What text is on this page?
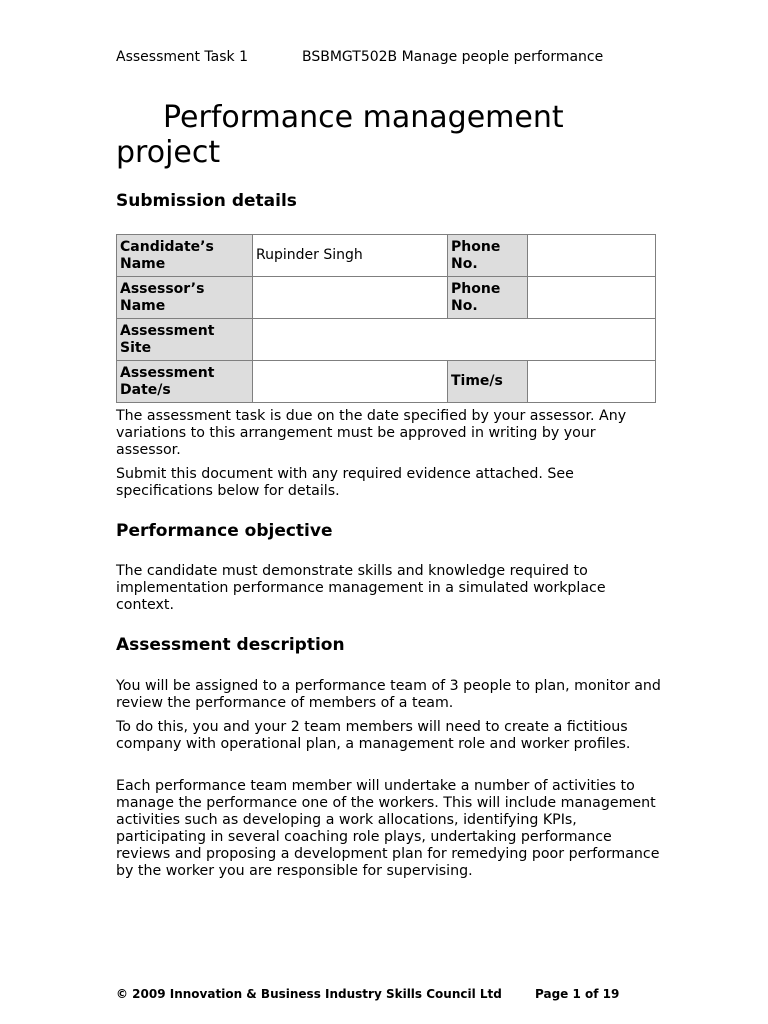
Assessment Task 1	BSBMGT502B Manage people performance
Performance management project
Submission details
Candidate’s Name	Rupinder Singh	Phone No.	
Assessor’s Name		Phone No.	
Assessment Site			
Assessment Date/s		Time/s	

The assessment task is due on the date specified by your assessor. Any variations to this arrangement must be approved in writing by your assessor.

Submit this document with any required evidence attached. See specifications below for details.

Performance objective

The candidate must demonstrate skills and knowledge required to implementation performance management in a simulated workplace context.

Assessment description

You will be assigned to a performance team of 3 people to plan, monitor and review the performance of members of a team.

To do this, you and your 2 team members will need to create a fictitious company with operational plan, a management role and worker profiles.

Each performance team member will undertake a number of activities to manage the performance one of the workers. This will include management activities such as developing a work allocations, identifying KPIs, participating in several coaching role plays, undertaking performance reviews and proposing a development plan for remedying poor performance by the worker you are responsible for supervising.

© 2009 Innovation & Business Industry Skills Council Ltd	Page 1 of 19
